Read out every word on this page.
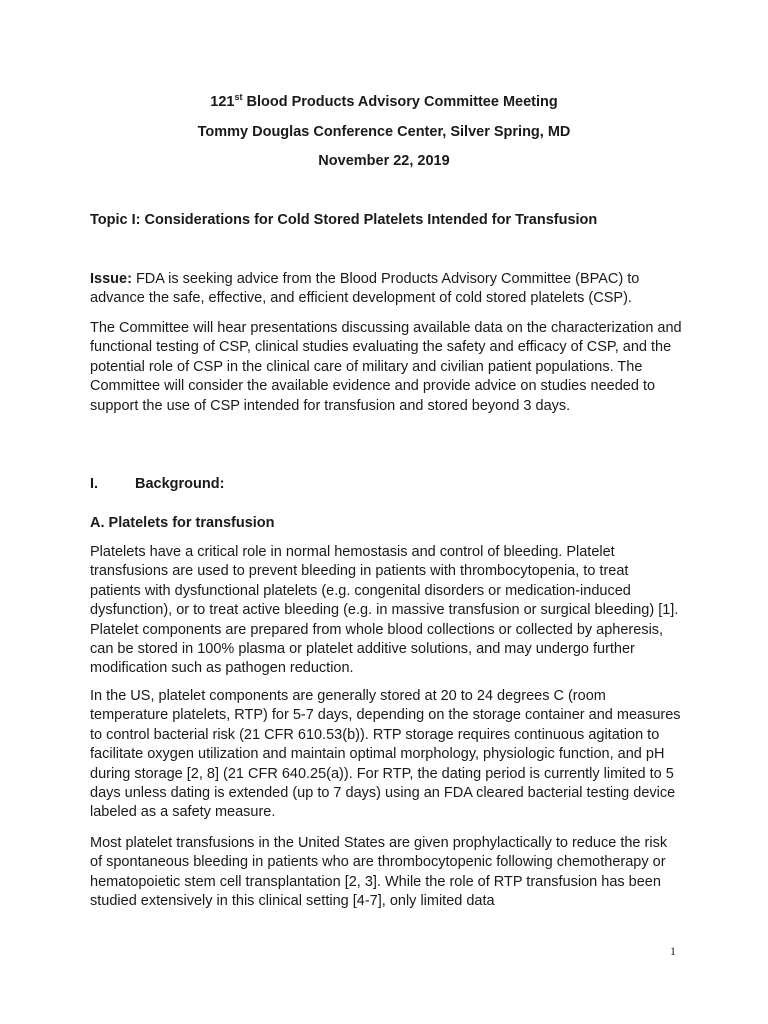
121st Blood Products Advisory Committee Meeting
Tommy Douglas Conference Center, Silver Spring, MD
November 22, 2019
Topic I: Considerations for Cold Stored Platelets Intended for Transfusion
Issue: FDA is seeking advice from the Blood Products Advisory Committee (BPAC) to advance the safe, effective, and efficient development of cold stored platelets (CSP).
The Committee will hear presentations discussing available data on the characterization and functional testing of CSP, clinical studies evaluating the safety and efficacy of CSP, and the potential role of CSP in the clinical care of military and civilian patient populations. The Committee will consider the available evidence and provide advice on studies needed to support the use of CSP intended for transfusion and stored beyond 3 days.
I.	Background:
A. Platelets for transfusion
Platelets have a critical role in normal hemostasis and control of bleeding. Platelet transfusions are used to prevent bleeding in patients with thrombocytopenia, to treat patients with dysfunctional platelets (e.g. congenital disorders or medication-induced dysfunction), or to treat active bleeding (e.g. in massive transfusion or surgical bleeding) [1]. Platelet components are prepared from whole blood collections or collected by apheresis, can be stored in 100% plasma or platelet additive solutions, and may undergo further modification such as pathogen reduction.
In the US, platelet components are generally stored at 20 to 24 degrees C (room temperature platelets, RTP) for 5-7 days, depending on the storage container and measures to control bacterial risk (21 CFR 610.53(b)). RTP storage requires continuous agitation to facilitate oxygen utilization and maintain optimal morphology, physiologic function, and pH during storage [2, 8] (21 CFR 640.25(a)). For RTP, the dating period is currently limited to 5 days unless dating is extended (up to 7 days) using an FDA cleared bacterial testing device labeled as a safety measure.
Most platelet transfusions in the United States are given prophylactically to reduce the risk of spontaneous bleeding in patients who are thrombocytopenic following chemotherapy or hematopoietic stem cell transplantation [2, 3]. While the role of RTP transfusion has been studied extensively in this clinical setting [4-7], only limited data
1
